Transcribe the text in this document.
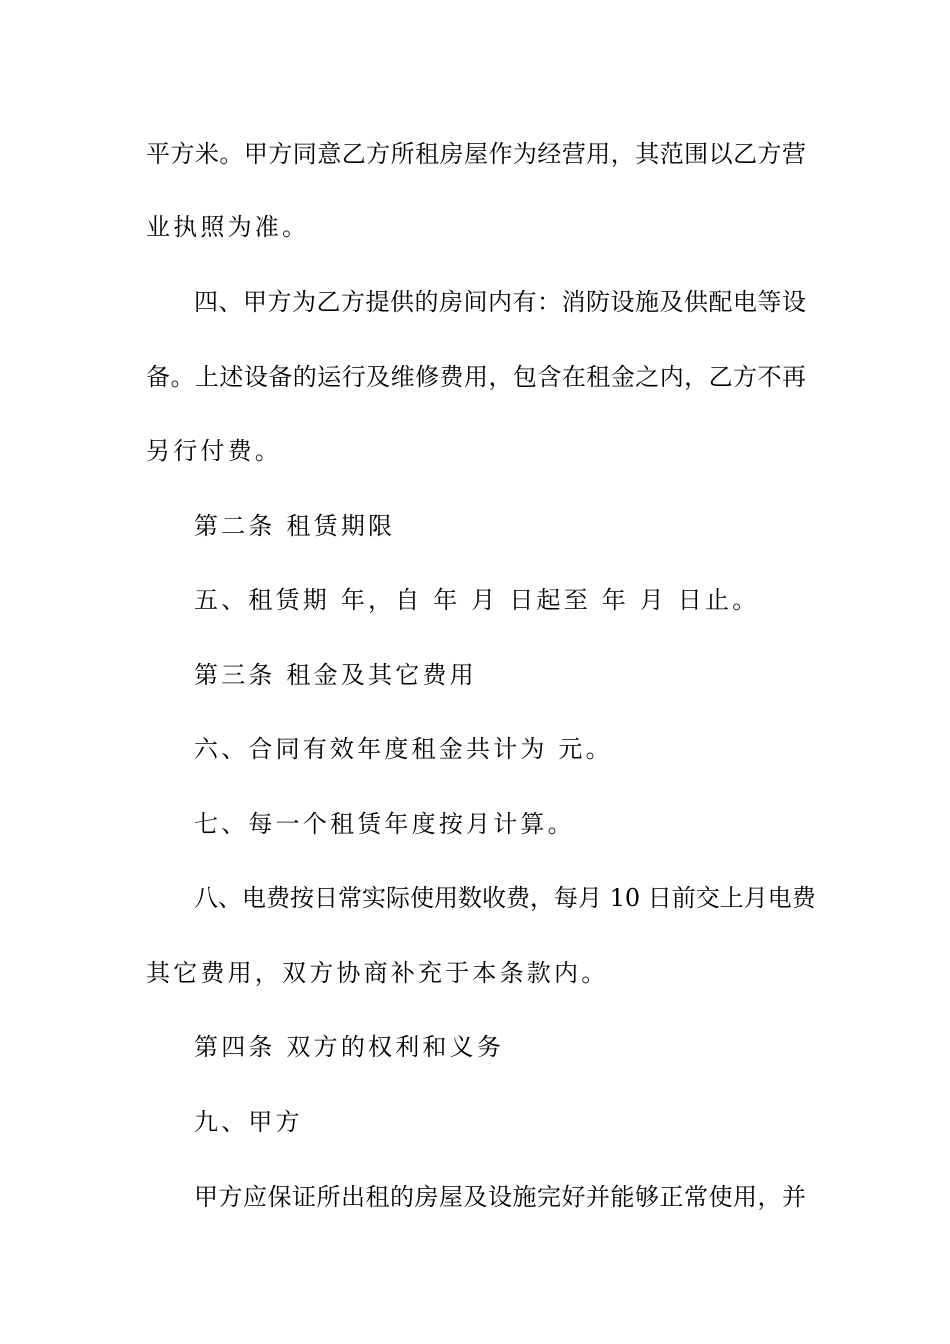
平方米。甲方同意乙方所租房屋作为经营用，其范围以乙方营
业执照为准。
四、甲方为乙方提供的房间内有：消防设施及供配电等设
备。上述设备的运行及维修费用，包含在租金之内，乙方不再
另行付费。
第二条 租赁期限
五、租赁期 年，自 年 月 日起至 年 月 日止。
第三条 租金及其它费用
六、合同有效年度租金共计为 元。
七、每一个租赁年度按月计算。
八、电费按日常实际使用数收费，每月 10 日前交上月电费
其它费用，双方协商补充于本条款内。
第四条 双方的权利和义务
九、甲方
甲方应保证所出租的房屋及设施完好并能够正常使用，并
